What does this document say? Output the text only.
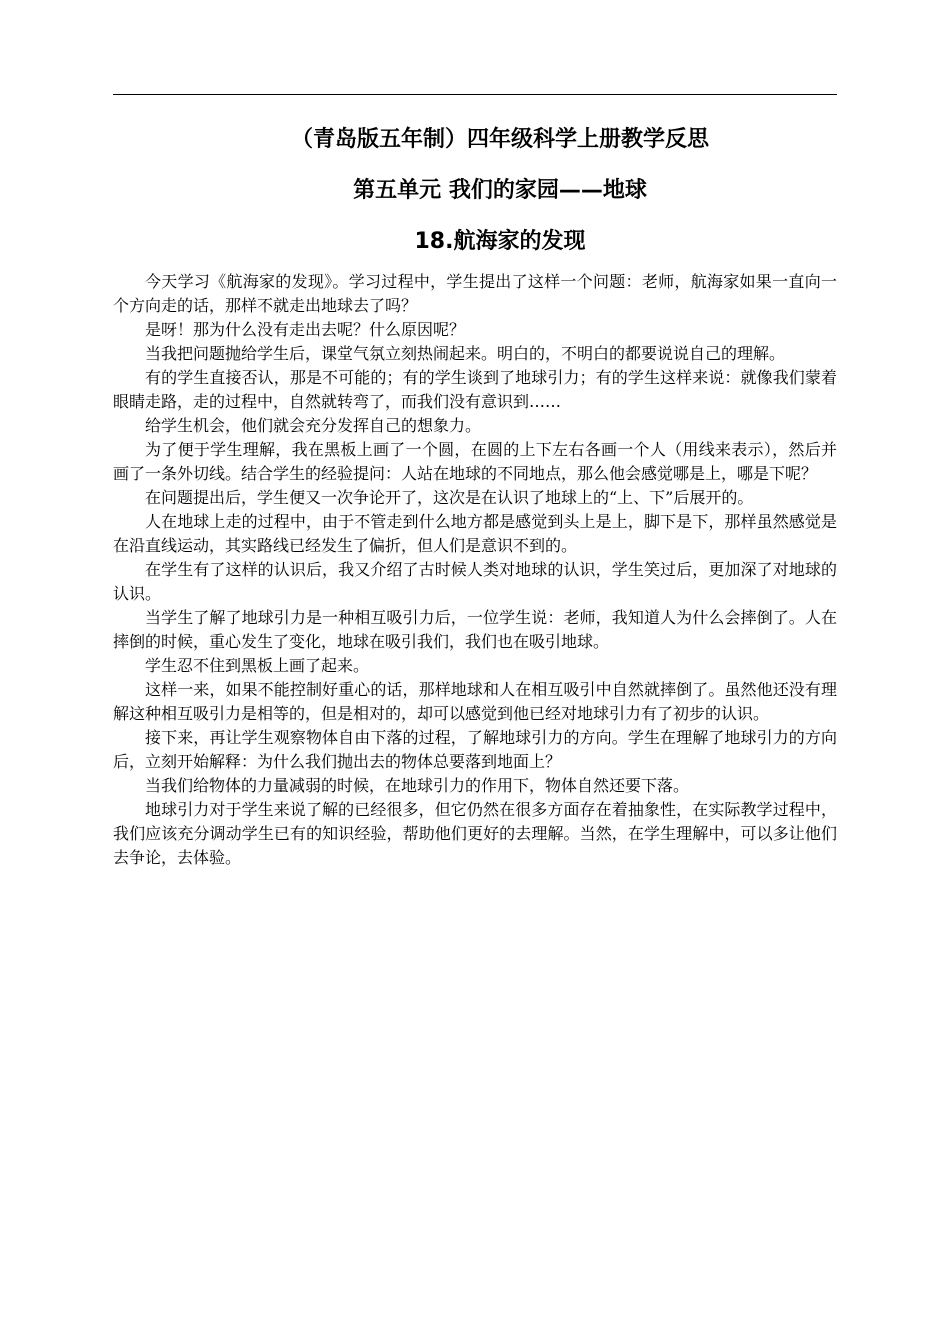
（青岛版五年制）四年级科学上册教学反思
第五单元 我们的家园——地球
18.航海家的发现

今天学习《航海家的发现》。学习过程中，学生提出了这样一个问题：老师，航海家如果一直向一个方向走的话，那样不就走出地球去了吗？

是呀！那为什么没有走出去呢？什么原因呢？

当我把问题抛给学生后，课堂气氛立刻热闹起来。明白的，不明白的都要说说自己的理解。

有的学生直接否认，那是不可能的；有的学生谈到了地球引力；有的学生这样来说：就像我们蒙着眼睛走路，走的过程中，自然就转弯了，而我们没有意识到……

给学生机会，他们就会充分发挥自己的想象力。

为了便于学生理解，我在黑板上画了一个圆，在圆的上下左右各画一个人（用线来表示），然后并画了一条外切线。结合学生的经验提问：人站在地球的不同地点，那么他会感觉哪是上，哪是下呢？

在问题提出后，学生便又一次争论开了，这次是在认识了地球上的“上、下”后展开的。

人在地球上走的过程中，由于不管走到什么地方都是感觉到头上是上，脚下是下，那样虽然感觉是在沿直线运动，其实路线已经发生了偏折，但人们是意识不到的。

在学生有了这样的认识后，我又介绍了古时候人类对地球的认识，学生笑过后，更加深了对地球的认识。

当学生了解了地球引力是一种相互吸引力后，一位学生说：老师，我知道人为什么会摔倒了。人在摔倒的时候，重心发生了变化，地球在吸引我们，我们也在吸引地球。

学生忍不住到黑板上画了起来。

这样一来，如果不能控制好重心的话，那样地球和人在相互吸引中自然就摔倒了。虽然他还没有理解这种相互吸引力是相等的，但是相对的，却可以感觉到他已经对地球引力有了初步的认识。

接下来，再让学生观察物体自由下落的过程，了解地球引力的方向。学生在理解了地球引力的方向后，立刻开始解释：为什么我们抛出去的物体总要落到地面上？

当我们给物体的力量减弱的时候，在地球引力的作用下，物体自然还要下落。

地球引力对于学生来说了解的已经很多，但它仍然在很多方面存在着抽象性，在实际教学过程中，我们应该充分调动学生已有的知识经验，帮助他们更好的去理解。当然，在学生理解中，可以多让他们去争论，去体验。
